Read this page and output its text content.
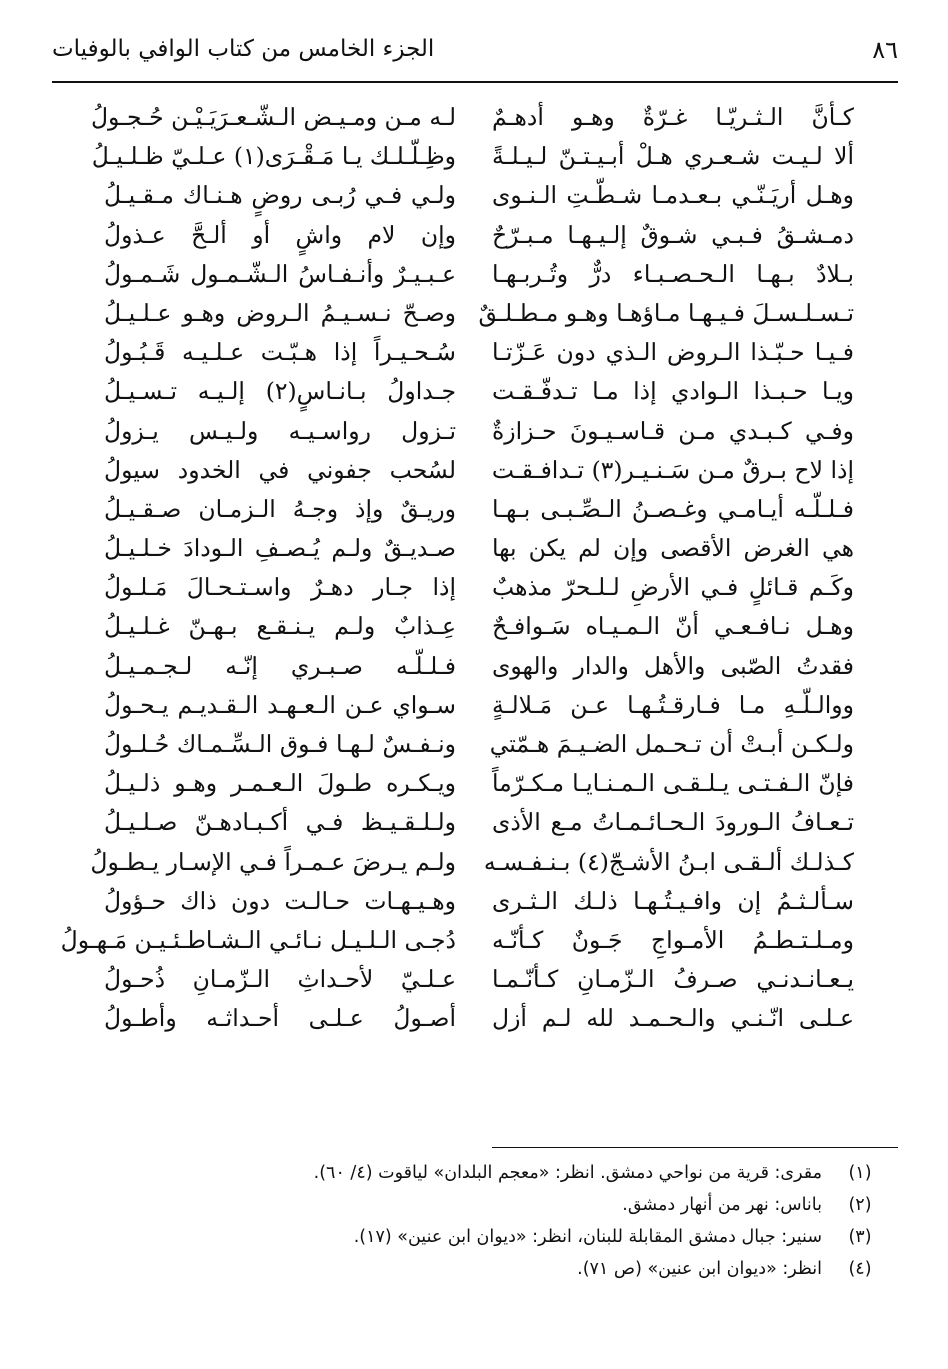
٨٦
الجزء الخامس من كتاب الوافي بالوفيات
كـأنَّ الـثـريّـا غـرّةٌ وهـو أدهـمٌ
ألا لـيـت شـعـري هـلْ أبـيـتـنّ لـيـلـةً
وهـل أريَـنّـي بـعـدمـا شـطّـتِ الـنـوى
دمـشـقُ فـبـي شـوقٌ إلـيـهـا مـبـرّحٌ
بـلادٌ بـهـا الـحـصـبـاء درٌّ وتُـربـهـا
تـسـلـسـلَ فـيـهـا مـاؤهـا وهـو مـطـلـقٌ
فـيـا حـبّـذا الـروض الـذي دون عَـزّتـا
ويـا حـبـذا الـوادي إذا مـا تـدفّـقـت
وفـي كـبـدي مـن قـاسـيـونَ حـزازةٌ
إذا لاح بـرقٌ مـن سَـنـيـر(٣) تـدافـقـت
فـلـلّـه أيـامـي وغـصـنُ الـصِّـبـى بـهـا
هي الغرض الأقصى وإن لم يكن بها
وكَـم قـائلٍ فـي الأرضِ لـلـحرّ مذهبٌ
وهـل نـافـعـي أنّ الـمـيـاه سَـوافـحٌ
فقدتُ الصّبى والأهل والدار والهوى
ووالـلّـهِ مـا فـارقـتُـهـا عـن مَـلالـةٍ
ولـكـن أبـتْ أن تـحـمل الضـيـمَ هـمّتي
فإنّ الـفـتـى يـلـقـى الـمـنـايـا مـكـرّماً
تـعـافُ الـورودَ الـحـائـمـاتُ مـع الأذى
كـذلـك ألـقـى ابـنُ الأشـجّ(٤) بـنـفـسـه
سـألـثـمُ إن وافـيـتُـهـا ذلـك الـثـرى
ومـلـتـطـمُ الأمـواجِ جَـونٌ كـأنّـه
يـعـانـدنـي صـرفُ الـزّمـانِ كـأنّـمـا
عـلـى انّـنـي والـحـمـد لله لـم أزل
لـه مـن ومـيـض الـشّـعـرَيَـيْـن حُـجـولُ
وظِـلّـلـك يـا مَـقْـرَى(١) عـلـيّ ظـلـيـلُ
ولـي فـي رُبـى روضٍ هـنـاك مـقـيـلُ
وإن لام واشٍ أو ألـحَّ عـذولُ
عـبـيـرٌ وأنـفـاسُ الـشّـمـول شَـمـولُ
وصـحّ نـسـيـمُ الـروض وهـو عـلـيـلُ
سُـحـيـراً إذا هـبّـت عـلـيـه قَـبُـولُ
جـداولُ بـانـاسٍ(٢) إلـيـه تـسـيـلُ
تـزول رواسـيـه ولـيـس يـزولُ
لسُحب جفوني في الخدود سيولُ
وريـقٌ وإذ وجـهُ الـزمـان صـقـيـلُ
صـديـقٌ ولـم يُـصـفِ الـودادَ خـلـيـلُ
إذا جـار دهـرٌ واسـتـحـالَ مَـلـولُ
عِـذابٌ ولـم يـنـقـع بـهـنّ غـلـيـلُ
فـلـلّـه صـبـري إنّـه لـجـمـيـلُ
سـواي عـن الـعـهـد الـقـديـم يـحـولُ
ونـفـسٌ لـهـا فـوق الـسِّـمـاك حُـلـولُ
ويـكـره طـولَ الـعـمـر وهـو ذلـيـلُ
ولـلـقـيـظ فـي أكـبـادهـنّ صـلـيـلُ
ولـم يـرضَ عـمـراً فـي الإسـار يـطـولُ
وهـيـهـات حـالـت دون ذاك حـؤولُ
دُجـى الـلـيـل نـائـي الـشـاطـئـيـن مَـهـولُ
عـلـيّ لأحـداثِ الـزّمـانِ ذُحـولُ
أصـولُ عـلـى أحـداثـه وأطـولُ
(١)مقرى: قرية من نواحي دمشق. انظر: «معجم البلدان» لياقوت (٤/ ٦٠).
(٢)باناس: نهر من أنهار دمشق.
(٣)سنير: جبال دمشق المقابلة للبنان، انظر: «ديوان ابن عنين» (١٧).
(٤)انظر: «ديوان ابن عنين» (ص ٧١).
